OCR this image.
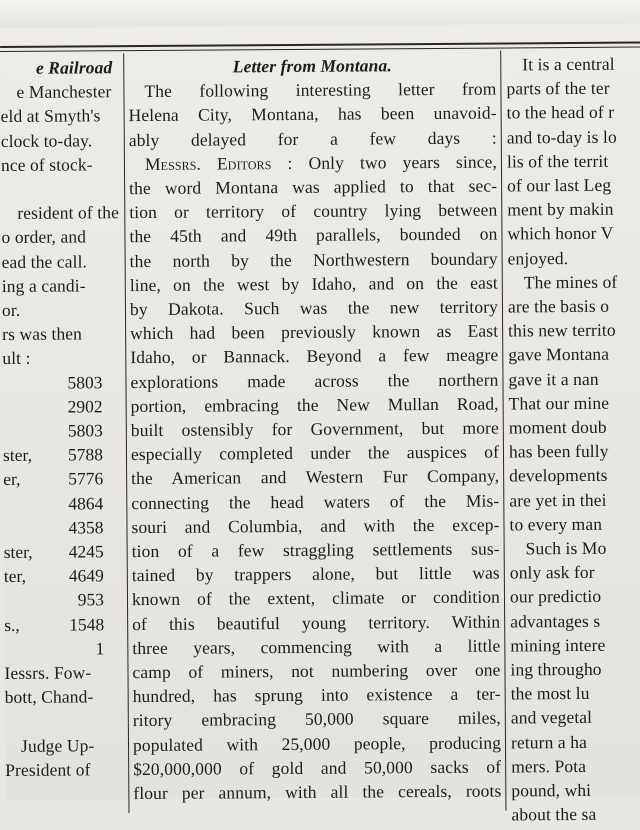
e Railroad

e Manchester

eld at Smyth's

clock to-day.

nce of stock-

resident of the

o order, and

ead the call.

ing a candi-

or.

rs was then

ult :

5803
2902
5803
ster, 5788
er,	5776
4864
4358
ster, 4245
ter, 4649
953
s.,	1548
1

Iessrs. Fow-

bott, Chand-

Judge Up-

President of

Letter from Montana.

The following interesting letter from

Helena City, Montana, has been unavoid-

ably delayed for a few days :

Messrs. Editors : Only two years since,

the word Montana was applied to that sec-

tion or territory of country lying between

the 45th and 49th parallels, bounded on

the north by the Northwestern boundary

line, on the west by Idaho, and on the east

by Dakota. Such was the new territory

which had been previously known as East

Idaho, or Bannack. Beyond a few meagre

explorations made across the northern

portion, embracing the New Mullan Road,

built ostensibly for Government, but more

especially completed under the auspices of

the American and Western Fur Company,

connecting the head waters of the Mis-

souri and Columbia, and with the excep-

tion of a few straggling settlements sus-

tained by trappers alone, but little was

known of the extent, climate or condition

of this beautiful young territory. Within

three years, commencing with a little

camp of miners, not numbering over one

hundred, has sprung into existence a ter-

ritory embracing 50,000 square miles,

populated with 25,000 people, producing

$20,000,000 of gold and 50,000 sacks of

flour per annum, with all the cereals, roots

It is a central

parts of the ter

to the head of r

and to-day is lo

lis of the territ

of our last Leg

ment by makin

which honor V

enjoyed.

The mines of

are the basis o

this new territo

gave Montana

gave it a nan

That our mine

moment doub

has been fully

developments

are yet in thei

to every man

Such is Mo

only ask for

our predictio

advantages s

mining intere

ing througho

the most lu

and vegetal

return a ha

mers. Pota

pound, whi

about the sa
